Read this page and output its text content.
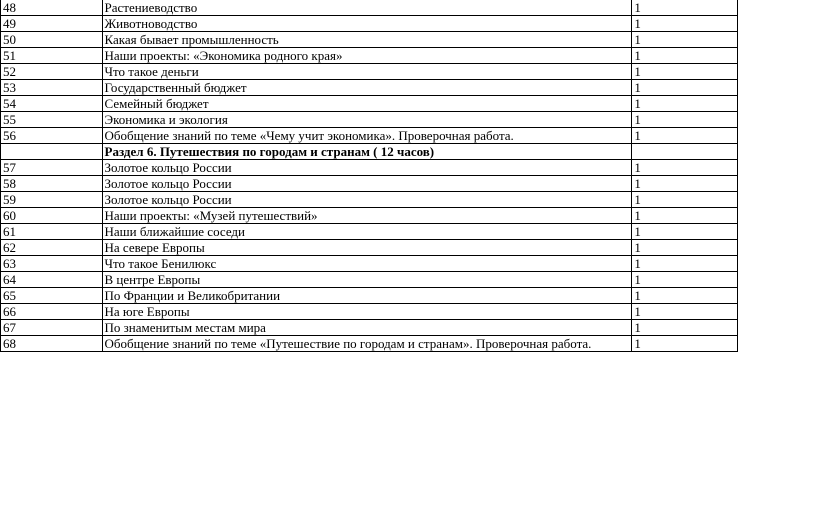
48	Растениеводство	1
49	Животноводство	1
50	Какая бывает промышленность	1
51	Наши проекты: «Экономика родного края»	1
52	Что такое деньги	1
53	Государственный бюджет	1
54	Семейный бюджет	1
55	Экономика и экология	1
56	Обобщение знаний по теме «Чему учит экономика». Проверочная работа.	1
	Раздел 6. Путешествия по городам и странам ( 12 часов)	
57	Золотое кольцо России	1
58	Золотое кольцо России	1
59	Золотое кольцо России	1
60	Наши проекты: «Музей путешествий»	1
61	Наши ближайшие соседи	1
62	На севере Европы	1
63	Что такое Бенилюкс	1
64	В центре Европы	1
65	По Франции и Великобритании	1
66	На юге Европы	1
67	По знаменитым местам мира	1
68	Обобщение знаний по теме «Путешествие по городам и странам». Проверочная работа.	1
